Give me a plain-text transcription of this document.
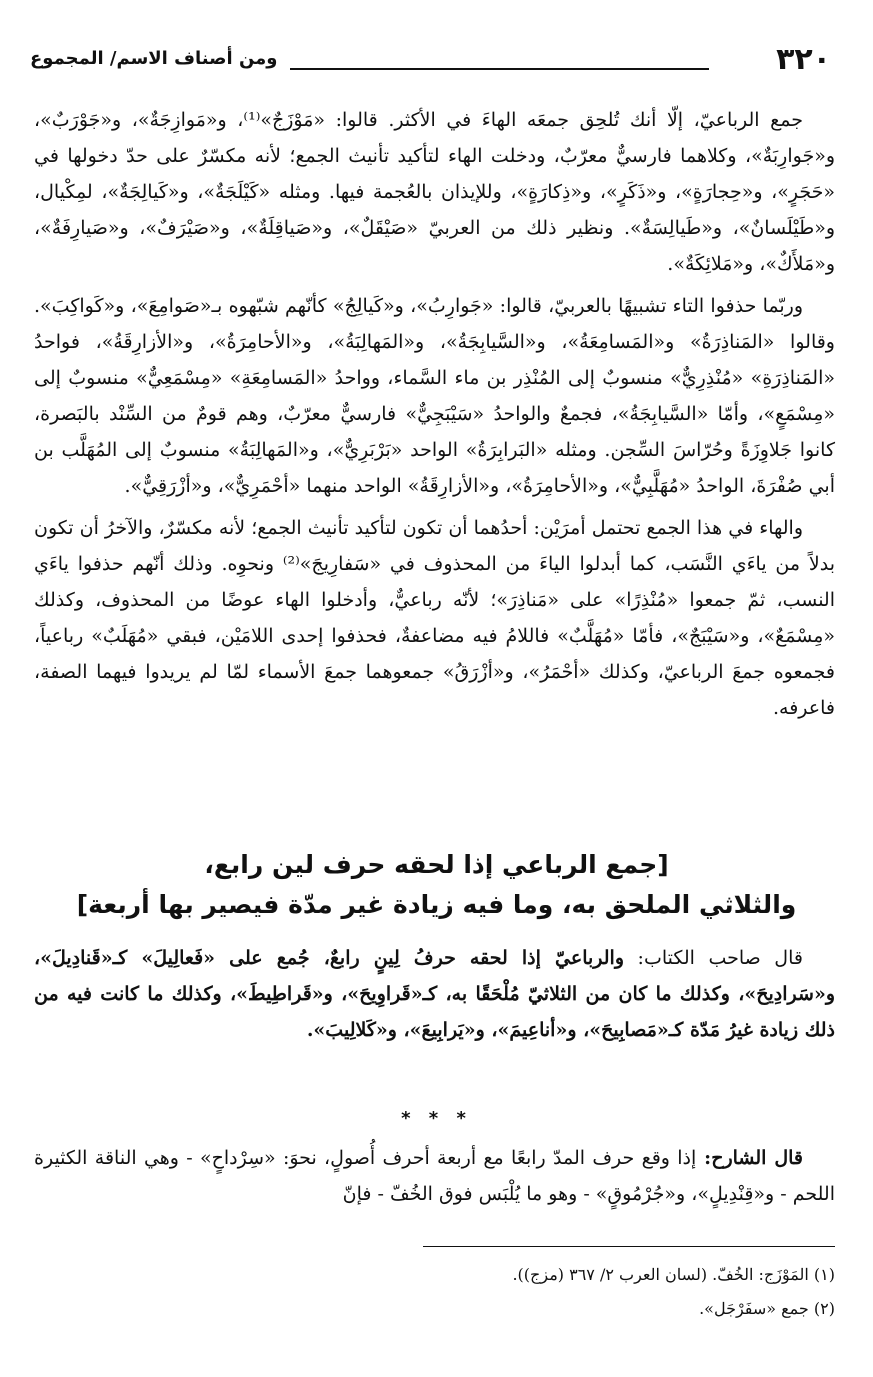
٣٢٠
ومن أصناف الاسم/ المجموع

جمع الرباعيّ، إلّا أنك تُلحِق جمعَه الهاءَ في الأكثر. قالوا: «مَوْزَجٌ»⁽¹⁾، و«مَوازِجَةٌ»، و«جَوْرَبٌ»، و«جَوارِبَةٌ»، وكلاهما فارسيٌّ معرّبٌ، ودخلت الهاء لتأكيد تأنيث الجمع؛ لأنه مكسّرٌ على حدّ دخولها في «حَجَرٍ»، و«حِجارَةٍ»، و«ذَكَرٍ»، و«ذِكارَةٍ»، وللإيذان بالعُجمة فيها. ومثله «كَيْلَجَةٌ»، و«كَيالِجَةٌ»، لمِكْيال، و«طَيْلَسانٌ»، و«طَيالِسَةٌ». ونظير ذلك من العربيّ «صَيْقَلٌ»، و«صَياقِلَةٌ»، و«صَيْرَفٌ»، و«صَيارِفَةٌ»، و«مَلأَكٌ»، و«مَلائِكَةٌ».

وربّما حذفوا التاء تشبيهًا بالعربيّ، قالوا: «جَوارِبُ»، و«كَيالِجُ» كأنّهم شبّهوه بـ«صَوامِعَ»، و«كَواكِبَ». وقالوا «المَناذِرَةُ» و«المَسامِعَةُ»، و«السَّيابِجَةُ»، و«المَهالِبَةُ»، و«الأحامِرَةُ»، و«الأزارِقَةُ»، فواحدُ «المَناذِرَةِ» «مُنْذِرِيٌّ» منسوبٌ إلى المُنْذِر بن ماء السَّماء، وواحدُ «المَسامِعَةِ» «مِسْمَعِيٌّ» منسوبٌ إلى «مِسْمَعٍ»، وأمّا «السَّيابِجَةُ»، فجمعٌ والواحدُ «سَيْبَجِيٌّ» فارسيٌّ معرّبٌ، وهم قومٌ من السِّنْد بالبَصرة، كانوا جَلاوِزَةً وحُرّاسَ السِّجن. ومثله «البَرابِرَةُ» الواحد «بَرْبَرِيٌّ»، و«المَهالِبَةُ» منسوبٌ إلى المُهَلَّب بن أبي صُفْرَةَ، الواحدُ «مُهَلَّبِيٌّ»، و«الأحامِرَةُ»، و«الأزارِقَةُ» الواحد منهما «أحْمَرِيٌّ»، و«أزْرَقِيٌّ».

والهاء في هذا الجمع تحتمل أمرَيْن: أحدُهما أن تكون لتأكيد تأنيث الجمع؛ لأنه مكسّرٌ، والآخرُ أن تكون بدلاً من ياءَي النَّسَب، كما أبدلوا الياءَ من المحذوف في «سَفارِيجَ»⁽²⁾ ونحوِه. وذلك أنّهم حذفوا ياءَي النسب، ثمّ جمعوا «مُنْذِرًا» على «مَناذِرَ»؛ لأنّه رباعيٌّ، وأدخلوا الهاء عوضًا من المحذوف، وكذلك «مِسْمَعٌ»، و«سَيْبَجٌ»، فأمّا «مُهَلَّبٌ» فاللامُ فيه مضاعفةٌ، فحذفوا إحدى اللامَيْن، فبقي «مُهَلَبٌ» رباعياً، فجمعوه جمعَ الرباعيّ، وكذلك «أحْمَرُ»، و«أزْرَقُ» جمعوهما جمعَ الأسماء لمّا لم يريدوا فيهما الصفة، فاعرفه.

[جمع الرباعي إذا لحقه حرف لين رابع،
والثلاثي الملحق به، وما فيه زيادة غير مدّة فيصير بها أربعة]

قال صاحب الكتاب: والرباعيّ إذا لحقه حرفُ لِينٍ رابعٌ، جُمع على «فَعالِيلَ» كـ«قَنادِيلَ»، و«سَرادِيحَ»، وكذلك ما كان من الثلاثيّ مُلْحَقًا به، كـ«قَراوِيحَ»، و«قَراطِيطَ»، وكذلك ما كانت فيه من ذلك زيادة غيرُ مَدّة كـ«مَصابِيحَ»، و«أناعِيمَ»، و«يَرابِيعَ»، و«كَلالِيبَ».

* * *

قال الشارح: إذا وقع حرف المدّ رابعًا مع أربعة أحرف أُصولٍ، نحوَ: «سِرْداحٍ» - وهي الناقة الكثيرة اللحم - و«قِنْدِيلٍ»، و«جُرْمُوقٍ» - وهو ما يُلْبَس فوق الخُفّ - فإنّ

(١) المَوْزَج: الخُفّ. (لسان العرب ٢/ ٣٦٧ (مزج)).
(٢) جمع «سفَرْجَل».
